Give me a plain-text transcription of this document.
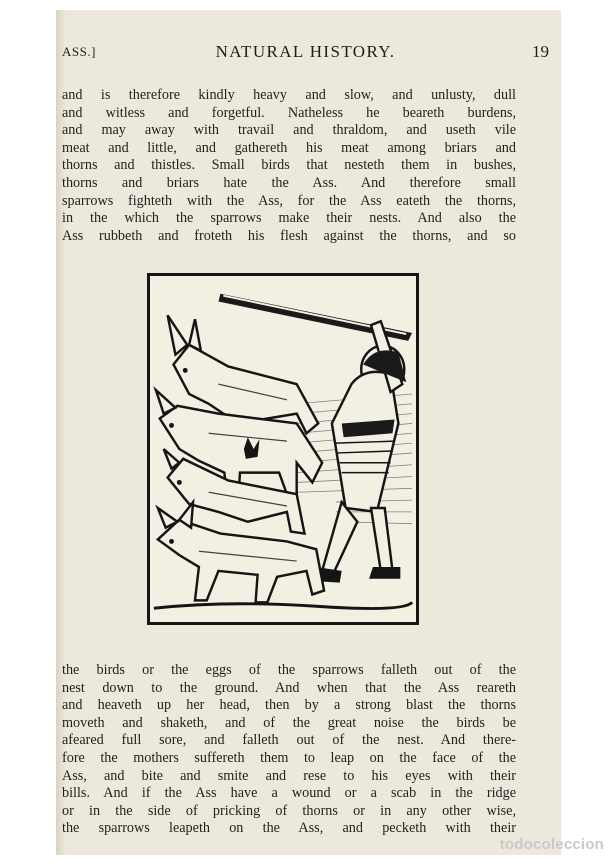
ASS.]	NATURAL HISTORY.	19
and is therefore kindly heavy and slow, and unlusty, dull
and witless and forgetful. Natheless he beareth burdens,
and may away with travail and thraldom, and useth vile
meat and little, and gathereth his meat among briars and
thorns and thistles. Small birds that nesteth them in bushes,
thorns and briars hate the Ass. And therefore small
sparrows fighteth with the Ass, for the Ass eateth the thorns,
in the which the sparrows make their nests. And also the
Ass rubbeth and froteth his flesh against the thorns, and so
the birds or the eggs of the sparrows falleth out of the
nest down to the ground. And when that the Ass reareth
and heaveth up her head, then by a strong blast the thorns
moveth and shaketh, and of the great noise the birds be
afeared full sore, and falleth out of the nest. And there-
fore the mothers suffereth them to leap on the face of the
Ass, and bite and smite and rese to his eyes with their
bills. And if the Ass have a wound or a scab in the ridge
or in the side of pricking of thorns or in any other wise,
the sparrows leapeth on the Ass, and pecketh with their
todocoleccion
